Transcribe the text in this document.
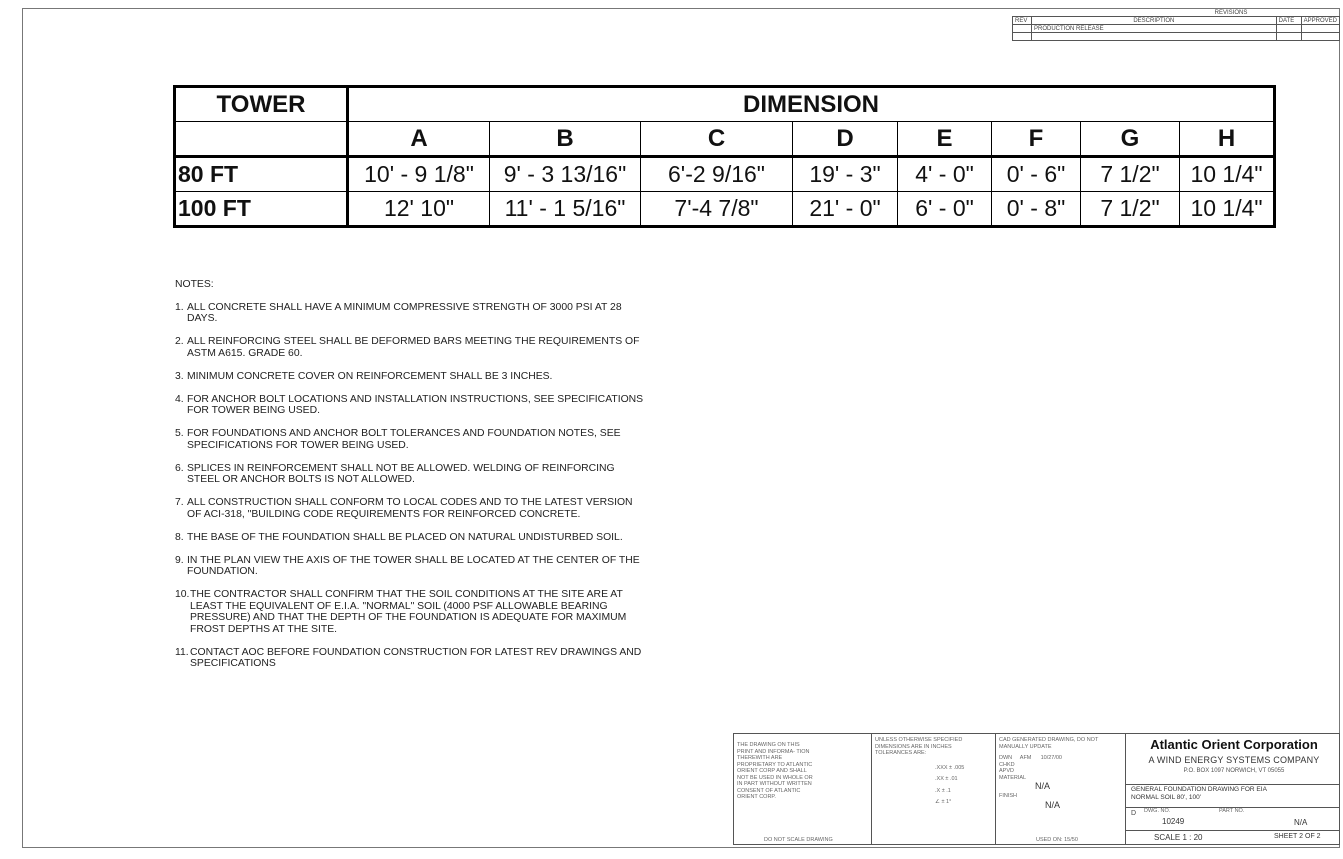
REVISIONS
REV	DESCRIPTION	DATE	APPROVED
	PRODUCTION RELEASE		

TOWER	DIMENSION							
	A	B	C	D	E	F	G	H
80 FT	10' - 9 1/8"	9' - 3 13/16"	6'-2 9/16"	19' - 3"	4' - 0"	0' - 6"	7 1/2"	10 1/4"
100 FT	12' 10"	11' - 1 5/16"	7'-4 7/8"	21' - 0"	6' - 0"	0' - 8"	7 1/2"	10 1/4"
NOTES:
1. ALL CONCRETE SHALL HAVE A MINIMUM COMPRESSIVE STRENGTH OF 3000 PSI AT 28 DAYS.
2. ALL REINFORCING STEEL SHALL BE DEFORMED BARS MEETING THE REQUIREMENTS OF ASTM A615. GRADE 60.
3. MINIMUM CONCRETE COVER ON REINFORCEMENT SHALL BE 3 INCHES.
4. FOR ANCHOR BOLT LOCATIONS AND INSTALLATION INSTRUCTIONS, SEE SPECIFICATIONS FOR TOWER BEING USED.
5. FOR FOUNDATIONS AND ANCHOR BOLT TOLERANCES AND FOUNDATION NOTES, SEE SPECIFICATIONS FOR TOWER BEING USED.
6. SPLICES IN REINFORCEMENT SHALL NOT BE ALLOWED. WELDING OF REINFORCING STEEL OR ANCHOR BOLTS IS NOT ALLOWED.
7. ALL CONSTRUCTION SHALL CONFORM TO LOCAL CODES AND TO THE LATEST VERSION OF ACI-318, "BUILDING CODE REQUIREMENTS FOR REINFORCED CONCRETE.
8. THE BASE OF THE FOUNDATION SHALL BE PLACED ON NATURAL UNDISTURBED SOIL.
9. IN THE PLAN VIEW THE AXIS OF THE TOWER SHALL BE LOCATED AT THE CENTER OF THE FOUNDATION.
10. THE CONTRACTOR SHALL CONFIRM THAT THE SOIL CONDITIONS AT THE SITE ARE AT LEAST THE EQUIVALENT OF E.I.A. "NORMAL" SOIL (4000 PSF ALLOWABLE BEARING PRESSURE) AND THAT THE DEPTH OF THE FOUNDATION IS ADEQUATE FOR MAXIMUM FROST DEPTHS AT THE SITE.
11. CONTACT AOC BEFORE FOUNDATION CONSTRUCTION FOR LATEST REV DRAWINGS AND SPECIFICATIONS
THE DRAWING ON THIS PRINT AND INFORMA- TION THEREWITH ARE PROPRIETARY TO ATLANTIC ORIENT CORP AND SHALL NOT BE USED IN WHOLE OR IN PART WITHOUT WRITTEN CONSENT OF ATLANTIC ORIENT CORP.
DO NOT SCALE DRAWING
UNLESS OTHERWISE SPECIFIED DIMENSIONS ARE IN INCHES
TOLERANCES ARE:
.XXX ± .005
.XX ± .01
.X ± .1
∠ ± 1°
CAD GENERATED DRAWING, DO NOT MANUALLY UPDATE
DWN AFM 10/27/00
CHKD
APVD
MATERIAL
N/A
FINISH
N/A
USED ON: 15/50
Atlantic Orient Corporation
A WIND ENERGY SYSTEMS COMPANY
P.O. BOX 1097 NORWICH, VT 05055
GENERAL FOUNDATION DRAWING FOR EIA NORMAL SOIL 80', 100'
D DWG. NO.
10249
PART NO.
N/A
SCALE 1 : 20	SHEET 2 OF 2
